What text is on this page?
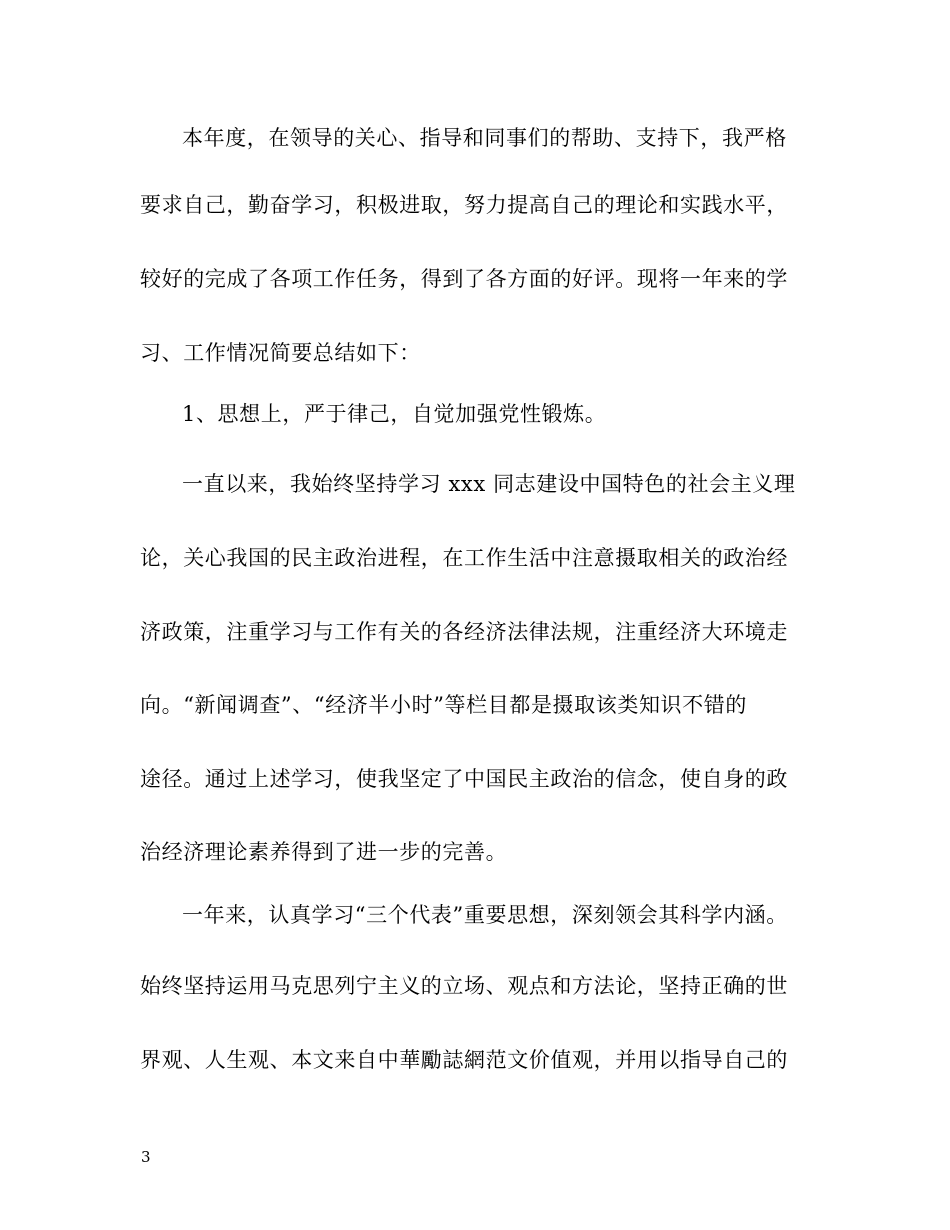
本年度，在领导的关心、指导和同事们的帮助、支持下，我严格
要求自己，勤奋学习，积极进取，努力提高自己的理论和实践水平，
较好的完成了各项工作任务，得到了各方面的好评。现将一年来的学
习、工作情况简要总结如下：
1、思想上，严于律己，自觉加强党性锻炼。
一直以来，我始终坚持学习 xxx 同志建设中国特色的社会主义理
论，关心我国的民主政治进程，在工作生活中注意摄取相关的政治经
济政策，注重学习与工作有关的各经济法律法规，注重经济大环境走
向。“新闻调查”、“经济半小时”等栏目都是摄取该类知识不错的
途径。通过上述学习，使我坚定了中国民主政治的信念，使自身的政
治经济理论素养得到了进一步的完善。
一年来，认真学习“三个代表”重要思想，深刻领会其科学内涵。
始终坚持运用马克思列宁主义的立场、观点和方法论，坚持正确的世
界观、人生观、本文来自中華勵誌網范文价值观，并用以指导自己的
3
